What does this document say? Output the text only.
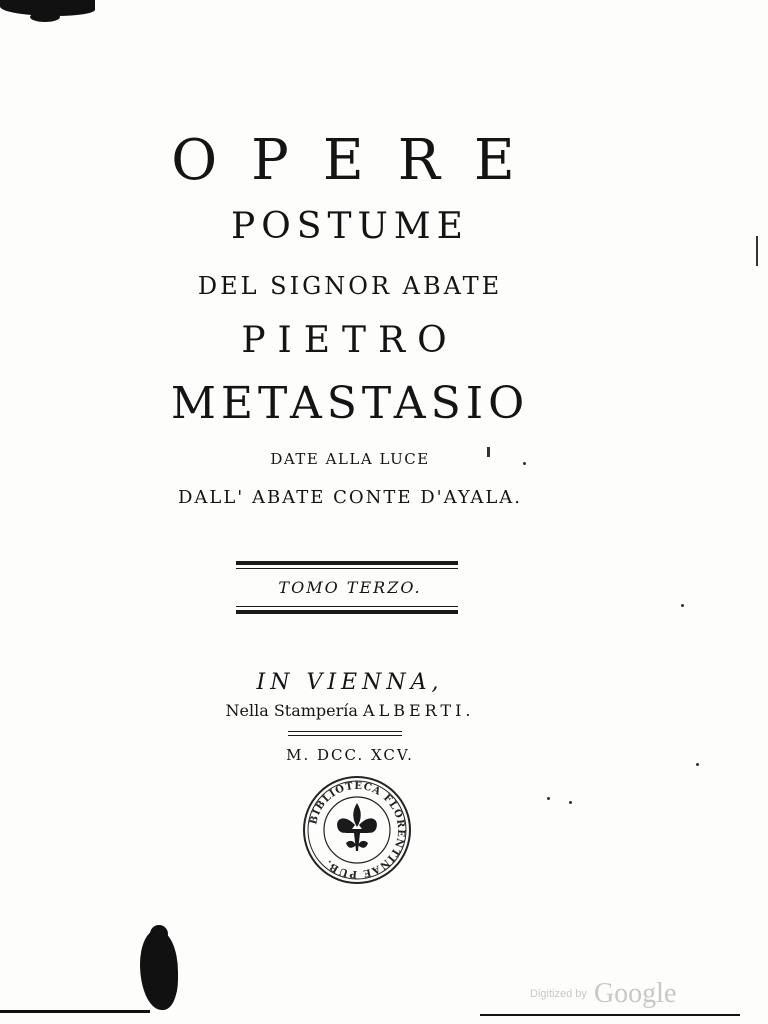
OPERE
POSTUME
DEL SIGNOR ABATE
PIETRO
METASTASIO
DATE ALLA LUCE
DALL' ABATE CONTE D'AYALA.
TOMO TERZO.
IN VIENNA,
Nella Stampería ALBERTI.
M. DCC. XCV.
BIBLIOTECA FLORENTINAE PUB.
Digitized by Google
